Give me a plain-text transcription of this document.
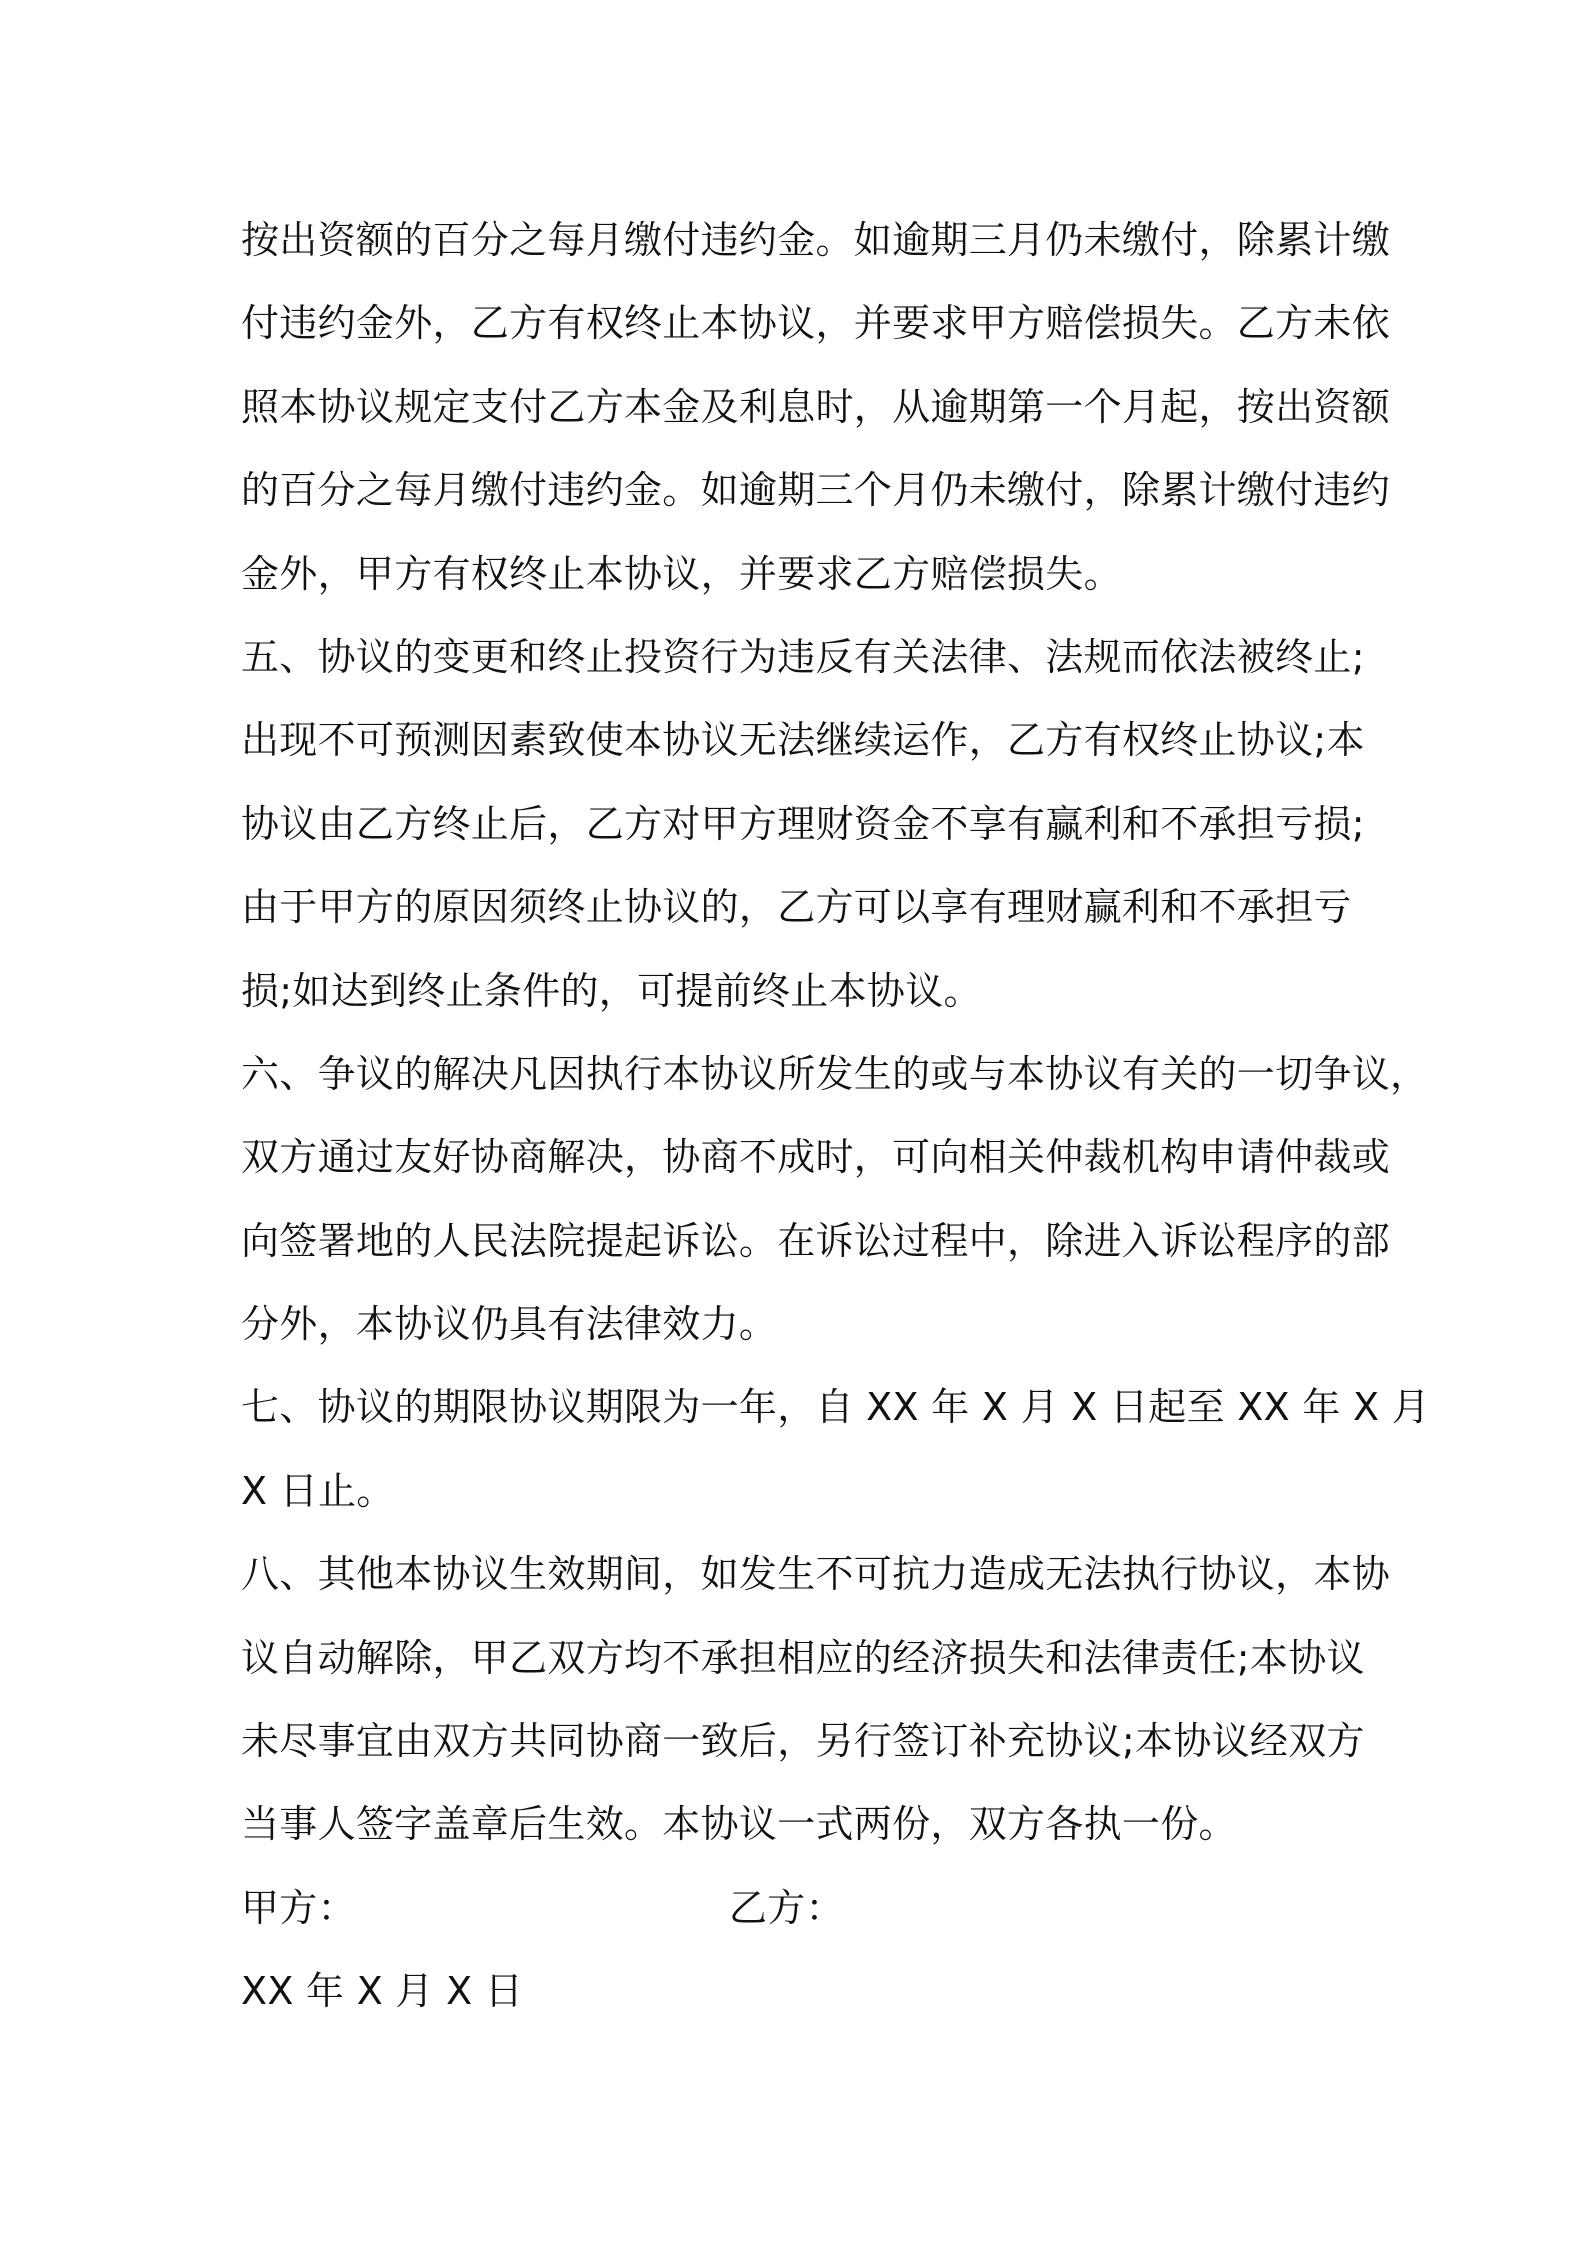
按出资额的百分之每月缴付违约金。如逾期三月仍未缴付，除累计缴
付违约金外，乙方有权终止本协议，并要求甲方赔偿损失。乙方未依
照本协议规定支付乙方本金及利息时，从逾期第一个月起，按出资额
的百分之每月缴付违约金。如逾期三个月仍未缴付，除累计缴付违约
金外，甲方有权终止本协议，并要求乙方赔偿损失。
五、协议的变更和终止投资行为违反有关法律、法规而依法被终止;
出现不可预测因素致使本协议无法继续运作，乙方有权终止协议;本
协议由乙方终止后，乙方对甲方理财资金不享有赢利和不承担亏损;
由于甲方的原因须终止协议的，乙方可以享有理财赢利和不承担亏
损;如达到终止条件的，可提前终止本协议。
六、争议的解决凡因执行本协议所发生的或与本协议有关的一切争议，
双方通过友好协商解决，协商不成时，可向相关仲裁机构申请仲裁或
向签署地的人民法院提起诉讼。在诉讼过程中，除进入诉讼程序的部
分外，本协议仍具有法律效力。
七、协议的期限协议期限为一年，自 XX 年 X 月 X 日起至 XX 年 X 月
X 日止。
八、其他本协议生效期间，如发生不可抗力造成无法执行协议，本协
议自动解除，甲乙双方均不承担相应的经济损失和法律责任;本协议
未尽事宜由双方共同协商一致后，另行签订补充协议;本协议经双方
当事人签字盖章后生效。本协议一式两份，双方各执一份。
甲方：	乙方：
XX 年 X 月 X 日
